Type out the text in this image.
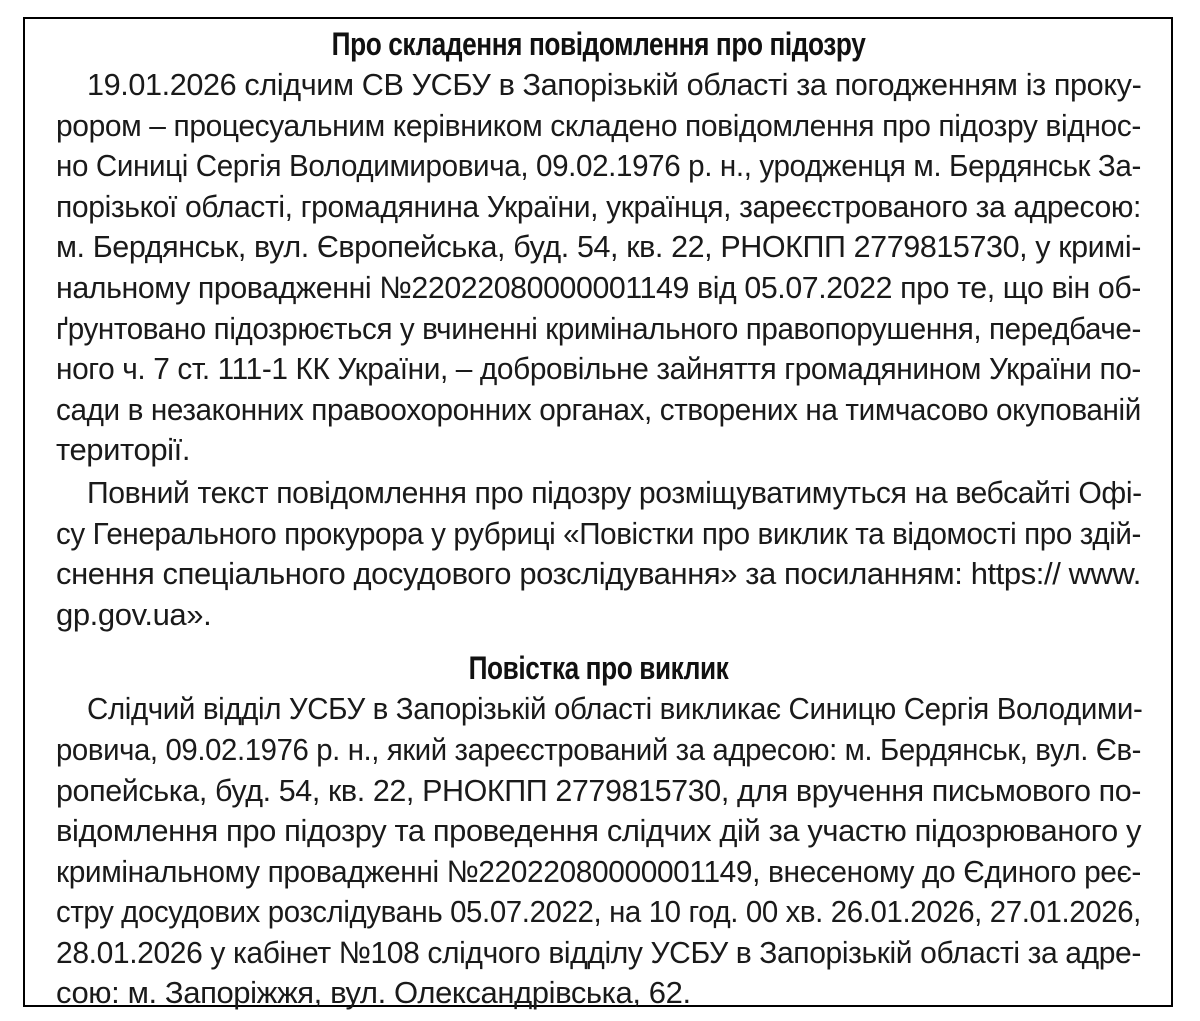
Про складення повідомлення про підозру
19.01.2026 слідчим СВ УСБУ в Запорізькій області за погодженням із проку-
рором – процесуальним керівником складено повідомлення про підозру віднос-
но Синиці Сергія Володимировича, 09.02.1976 р. н., уродженця м. Бердянськ За-
порізької області, громадянина України, українця, зареєстрованого за адресою:
м. Бердянськ, вул. Європейська, буд. 54, кв. 22, РНОКПП 2779815730, у кримі-
нальному провадженні №22022080000001149 від 05.07.2022 про те, що він об-
ґрунтовано підозрюється у вчиненні кримінального правопорушення, передбаче-
ного ч. 7 ст. 111-1 КК України, – добровільне зайняття громадянином України по-
сади в незаконних правоохоронних органах, створених на тимчасово окупованій
території.
Повний текст повідомлення про підозру розміщуватимуться на вебсайті Офі-
су Генерального прокурора у рубриці «Повістки про виклик та відомості про здій-
снення спеціального досудового розслідування» за посиланням: https:// www.
gp.gov.ua».
Повістка про виклик
Слідчий відділ УСБУ в Запорізькій області викликає Синицю Сергія Володими-
ровича, 09.02.1976 р. н., який зареєстрований за адресою: м. Бердянськ, вул. Єв-
ропейська, буд. 54, кв. 22, РНОКПП 2779815730, для вручення письмового по-
відомлення про підозру та проведення слідчих дій за участю підозрюваного у
кримінальному провадженні №22022080000001149, внесеному до Єдиного реє-
стру досудових розслідувань 05.07.2022, на 10 год. 00 хв. 26.01.2026, 27.01.2026,
28.01.2026 у кабінет №108 слідчого відділу УСБУ в Запорізькій області за адре-
сою: м. Запоріжжя, вул. Олександрівська, 62.
